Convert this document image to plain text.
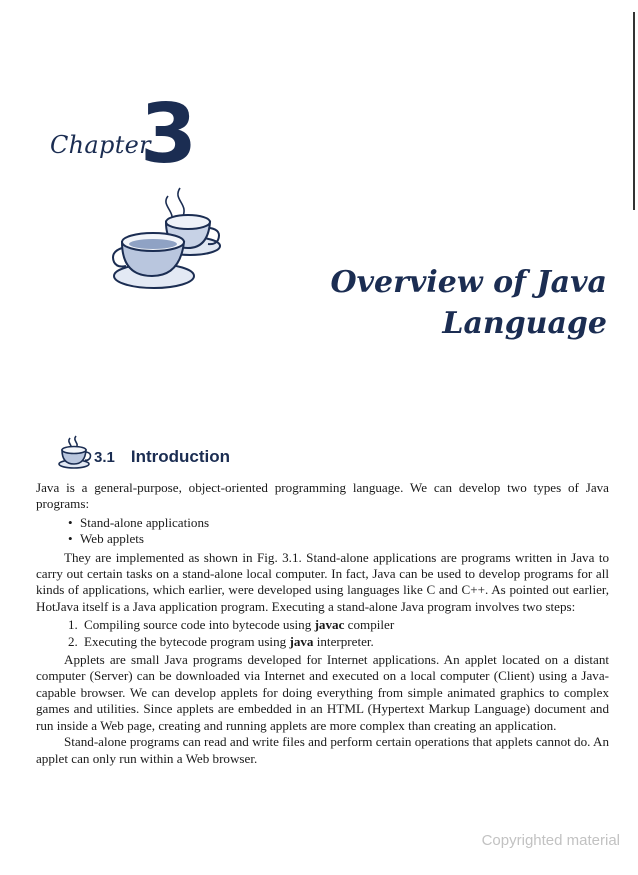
Chapter
3
Overview of Java
Language
3.1 Introduction

Java is a general-purpose, object-oriented programming language. We can develop two types of Java programs:

• Stand-alone applications
• Web applets

They are implemented as shown in Fig. 3.1. Stand-alone applications are programs written in Java to carry out certain tasks on a stand-alone local computer. In fact, Java can be used to develop programs for all kinds of applications, which earlier, were developed using languages like C and C++. As pointed out earlier, HotJava itself is a Java application program. Executing a stand-alone Java program involves two steps:

1. Compiling source code into bytecode using javac compiler
2. Executing the bytecode program using java interpreter.

Applets are small Java programs developed for Internet applications. An applet located on a distant computer (Server) can be downloaded via Internet and executed on a local computer (Client) using a Java-capable browser. We can develop applets for doing everything from simple animated graphics to complex games and utilities. Since applets are embedded in an HTML (Hypertext Markup Language) document and run inside a Web page, creating and running applets are more complex than creating an application.

Stand-alone programs can read and write files and perform certain operations that applets cannot do. An applet can only run within a Web browser.

Copyrighted material
